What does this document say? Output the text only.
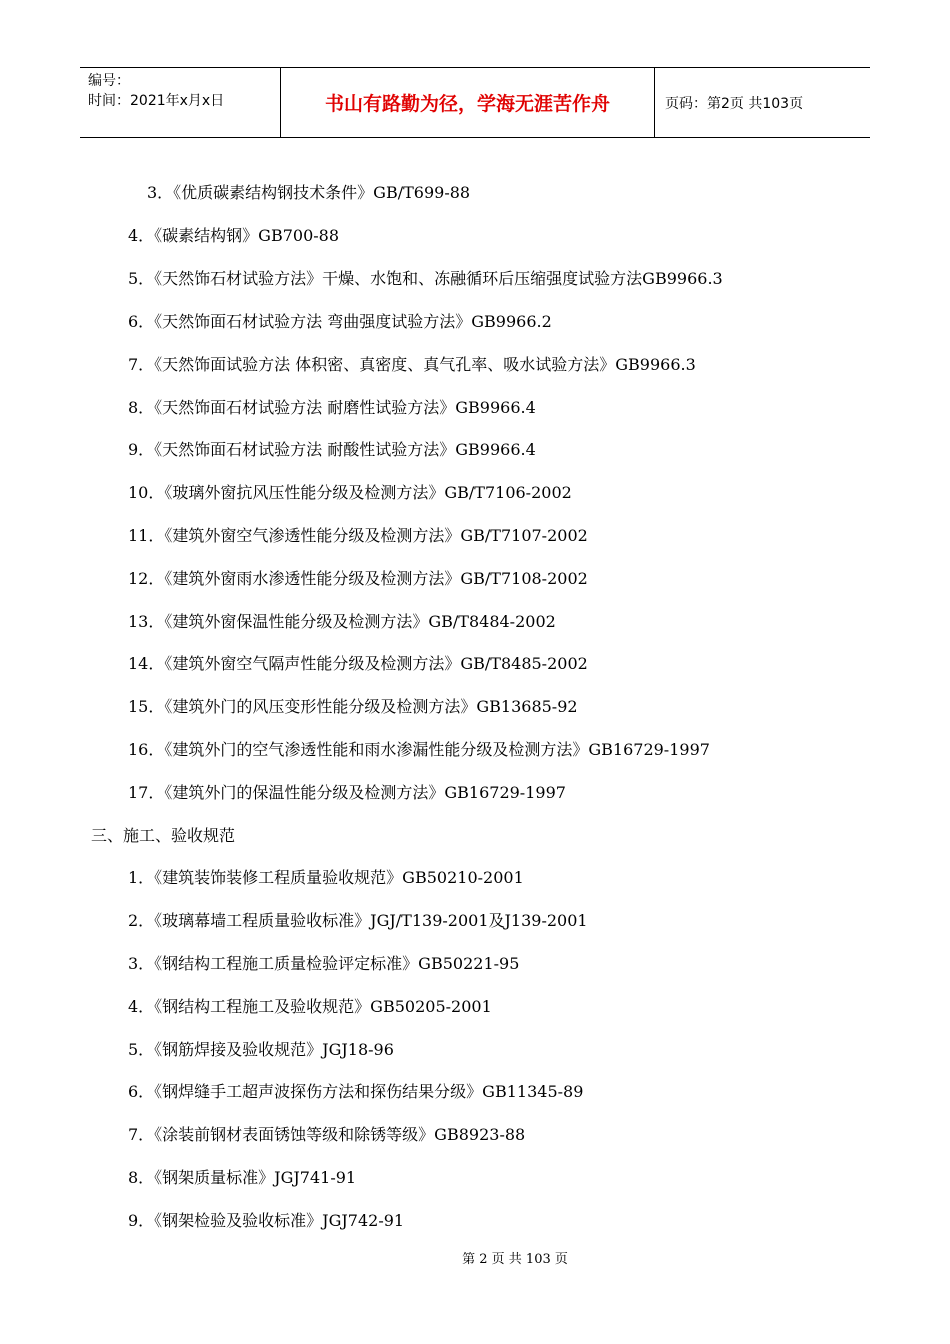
编号：
时间：2021年x月x日	书山有路勤为径，学海无涯苦作舟	页码：第2页 共103页
3．《优质碳素结构钢技术条件》GB/T699-88
4．《碳素结构钢》GB700-88
5．《天然饰石材试验方法》干燥、水饱和、冻融循环后压缩强度试验方法GB9966.3
6．《天然饰面石材试验方法 弯曲强度试验方法》GB9966.2
7．《天然饰面试验方法 体积密、真密度、真气孔率、吸水试验方法》GB9966.3
8．《天然饰面石材试验方法 耐磨性试验方法》GB9966.4
9．《天然饰面石材试验方法 耐酸性试验方法》GB9966.4
10．《玻璃外窗抗风压性能分级及检测方法》GB/T7106-2002
11．《建筑外窗空气渗透性能分级及检测方法》GB/T7107-2002
12．《建筑外窗雨水渗透性能分级及检测方法》GB/T7108-2002
13．《建筑外窗保温性能分级及检测方法》GB/T8484-2002
14．《建筑外窗空气隔声性能分级及检测方法》GB/T8485-2002
15．《建筑外门的风压变形性能分级及检测方法》GB13685-92
16．《建筑外门的空气渗透性能和雨水渗漏性能分级及检测方法》GB16729-1997
17．《建筑外门的保温性能分级及检测方法》GB16729-1997
三、施工、验收规范
1．《建筑装饰装修工程质量验收规范》GB50210-2001
2．《玻璃幕墙工程质量验收标准》JGJ/T139-2001及J139-2001
3．《钢结构工程施工质量检验评定标准》GB50221-95
4．《钢结构工程施工及验收规范》GB50205-2001
5．《钢筋焊接及验收规范》JGJ18-96
6．《钢焊缝手工超声波探伤方法和探伤结果分级》GB11345-89
7．《涂装前钢材表面锈蚀等级和除锈等级》GB8923-88
8．《钢架质量标准》JGJ741-91
9．《钢架检验及验收标准》JGJ742-91
第 2 页 共 103 页
